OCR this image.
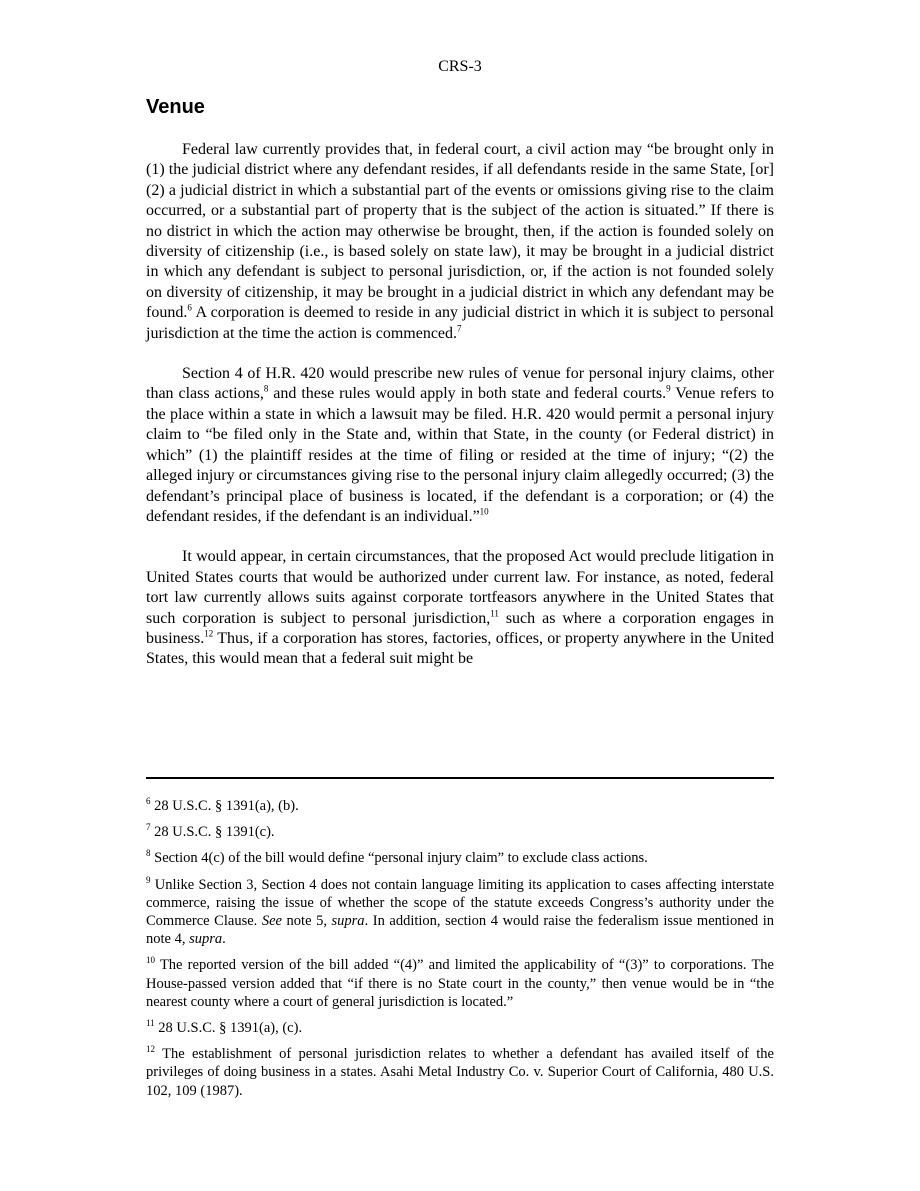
CRS-3
Venue

Federal law currently provides that, in federal court, a civil action may “be brought only in (1) the judicial district where any defendant resides, if all defendants reside in the same State, [or] (2) a judicial district in which a substantial part of the events or omissions giving rise to the claim occurred, or a substantial part of property that is the subject of the action is situated.” If there is no district in which the action may otherwise be brought, then, if the action is founded solely on diversity of citizenship (i.e., is based solely on state law), it may be brought in a judicial district in which any defendant is subject to personal jurisdiction, or, if the action is not founded solely on diversity of citizenship, it may be brought in a judicial district in which any defendant may be found.$^6$ A corporation is deemed to reside in any judicial district in which it is subject to personal jurisdiction at the time the action is commenced.$^7$

Section 4 of H.R. 420 would prescribe new rules of venue for personal injury claims, other than class actions,$^8$ and these rules would apply in both state and federal courts.$^9$ Venue refers to the place within a state in which a lawsuit may be filed. H.R. 420 would permit a personal injury claim to “be filed only in the State and, within that State, in the county (or Federal district) in which” (1) the plaintiff resides at the time of filing or resided at the time of injury; “(2) the alleged injury or circumstances giving rise to the personal injury claim allegedly occurred; (3) the defendant’s principal place of business is located, if the defendant is a corporation; or (4) the defendant resides, if the defendant is an individual.”$^{10}$

It would appear, in certain circumstances, that the proposed Act would preclude litigation in United States courts that would be authorized under current law. For instance, as noted, federal tort law currently allows suits against corporate tortfeasors anywhere in the United States that such corporation is subject to personal jurisdiction,$^{11}$ such as where a corporation engages in business.$^{12}$ Thus, if a corporation has stores, factories, offices, or property anywhere in the United States, this would mean that a federal suit might be

$^6$ 28 U.S.C. § 1391(a), (b).

$^7$ 28 U.S.C. § 1391(c).

$^8$ Section 4(c) of the bill would define “personal injury claim” to exclude class actions.

$^9$ Unlike Section 3, Section 4 does not contain language limiting its application to cases affecting interstate commerce, raising the issue of whether the scope of the statute exceeds Congress’s authority under the Commerce Clause. See note 5, supra. In addition, section 4 would raise the federalism issue mentioned in note 4, supra.

$^{10}$ The reported version of the bill added “(4)” and limited the applicability of “(3)” to corporations. The House-passed version added that “if there is no State court in the county,” then venue would be in “the nearest county where a court of general jurisdiction is located.”

$^{11}$ 28 U.S.C. § 1391(a), (c).

$^{12}$ The establishment of personal jurisdiction relates to whether a defendant has availed itself of the privileges of doing business in a states. Asahi Metal Industry Co. v. Superior Court of California, 480 U.S. 102, 109 (1987).
